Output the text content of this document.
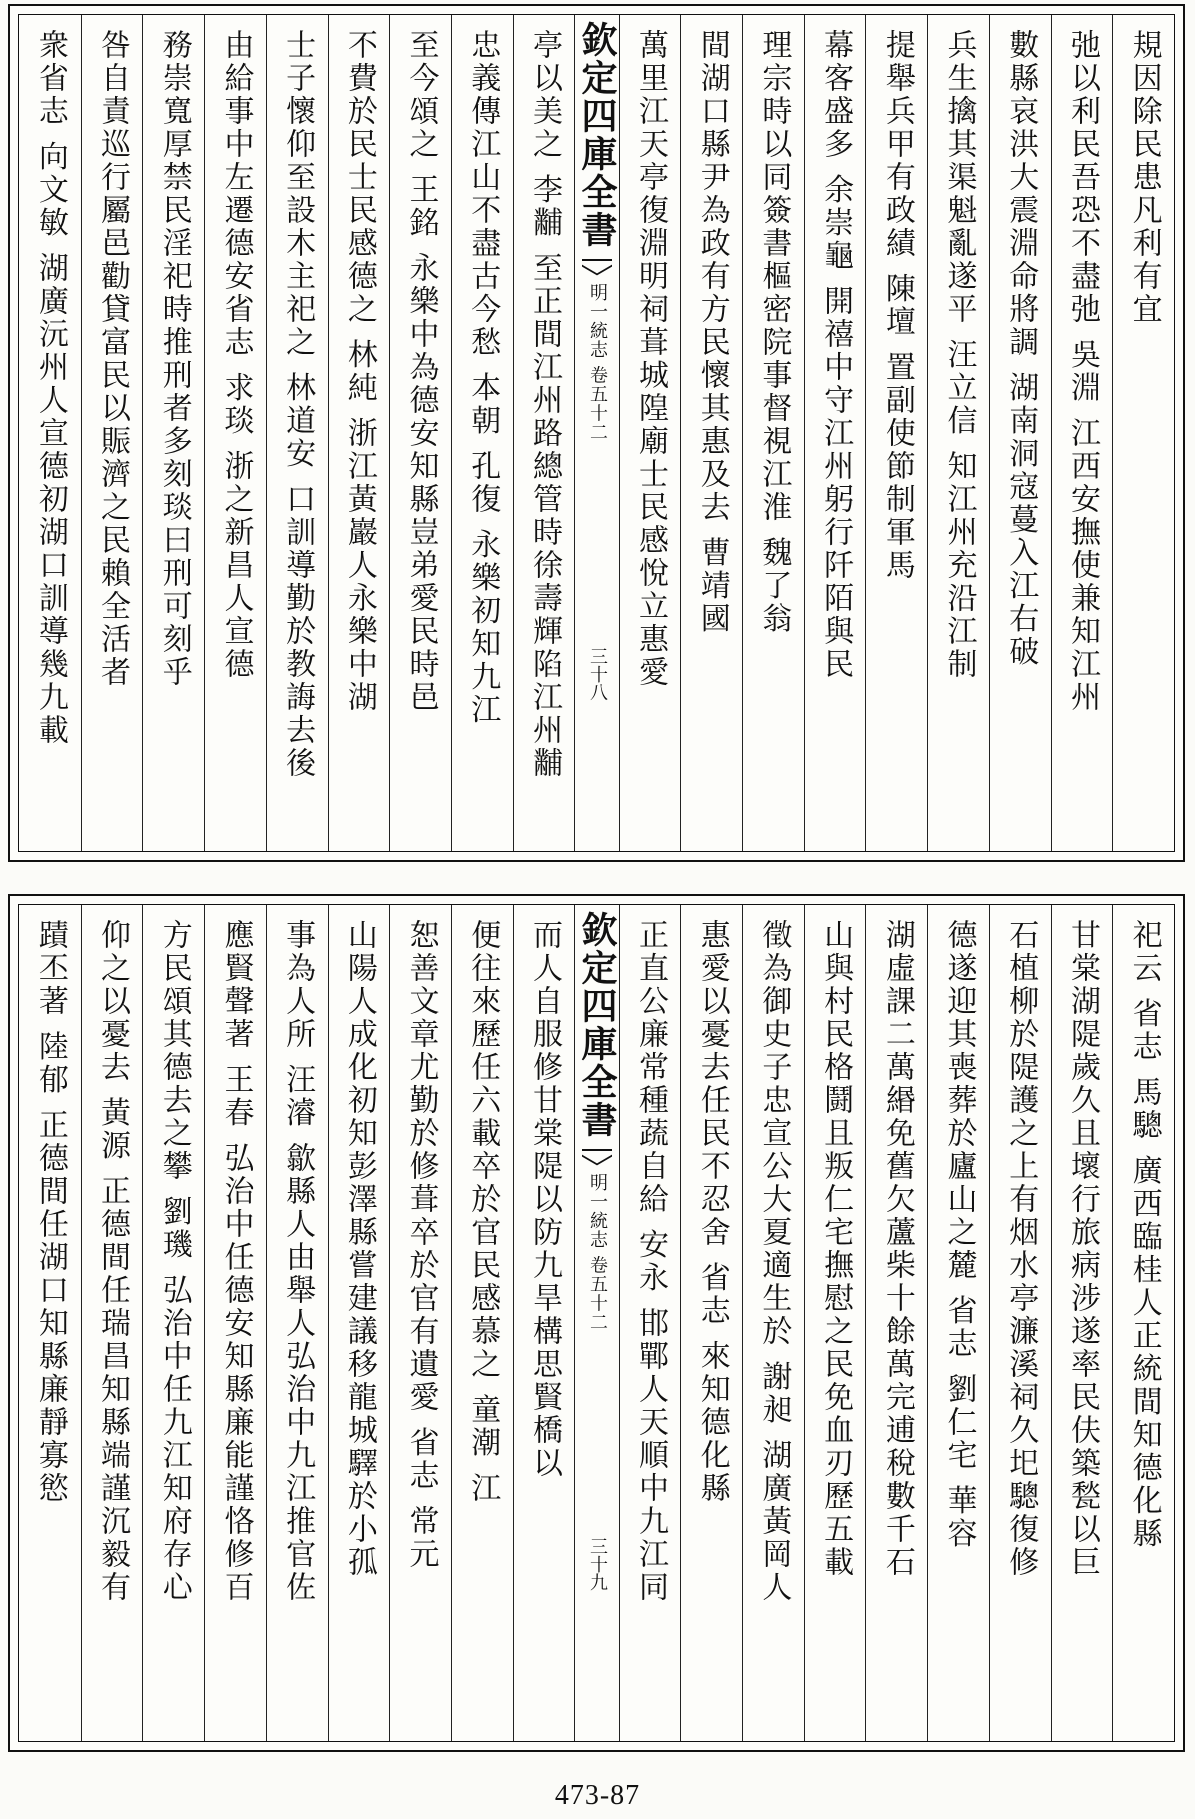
規因除民患凡利有宜
弛以利民吾恐不盡弛 吳淵 江西安撫使兼知江州
數縣哀洪大震淵命將調 湖南洞寇蔓入江右破
兵生擒其渠魁亂遂平 汪立信 知江州充沿江制
提舉兵甲有政績 陳壇 置副使節制軍馬
幕客盛多 余崇龜 開禧中守江州躬行阡陌與民
理宗時以同簽書樞密院事督視江淮 魏了翁
間湖口縣尹為政有方民懷其惠及去 曹靖國
萬里江天亭復淵明祠葺城隍廟士民感悅立惠愛
欽定四庫全書
明一統志 卷五十二
三十八
亭以美之 李黼 至正間江州路總管時徐壽輝陷江州黼
忠義傳江山不盡古今愁 本朝 孔復 永樂初知九江
至今頌之 王銘 永樂中為德安知縣豈弟愛民時邑
不費於民士民感德之 林純 浙江黃巖人永樂中湖
士子懷仰至設木主祀之 林道安 口訓導勤於教誨去後
由給事中左遷德安省志 求琰 浙之新昌人宣德
務崇寬厚禁民淫祀時推刑者多刻琰曰刑可刻乎
咎自責巡行屬邑勸貸富民以賑濟之民賴全活者
衆省志 向文敏 湖廣沅州人宣德初湖口訓導幾九載
祀云 省志 馬驄 廣西臨桂人正統間知德化縣
甘棠湖隄歲久且壞行旅病涉遂率民伕築甃以巨
石植柳於隄護之上有烟水亭濂溪祠久圯驄復修
德遂迎其喪葬於廬山之麓 省志 劉仁宅 華容
湖虛課二萬緡免舊欠蘆柴十餘萬完逋稅數千石
山與村民格鬪且叛仁宅撫慰之民免血刃歷五載
徵為御史子忠宣公大夏適生於 謝昶 湖廣黃岡人
惠愛以憂去任民不忍舍 省志 來知德化縣
正直公廉常種蔬自給 安永 邯鄲人天順中九江同
欽定四庫全書
明一統志 卷五十二
三十九
而人自服修甘棠隄以防九旱構思賢橋以
便往來歷任六載卒於官民感慕之 童潮 江
恕善文章尤勤於修葺卒於官有遺愛 省志 常元
山陽人成化初知彭澤縣嘗建議移龍城驛於小孤
事為人所 汪濬 歙縣人由舉人弘治中九江推官佐
應賢聲著 王春 弘治中任德安知縣廉能謹恪修百
方民頌其德去之攀 劉璣 弘治中任九江知府存心
仰之以憂去 黃源 正德間任瑞昌知縣端謹沉毅有
蹟丕著 陸郁 正德間任湖口知縣廉靜寡慾
473-87
